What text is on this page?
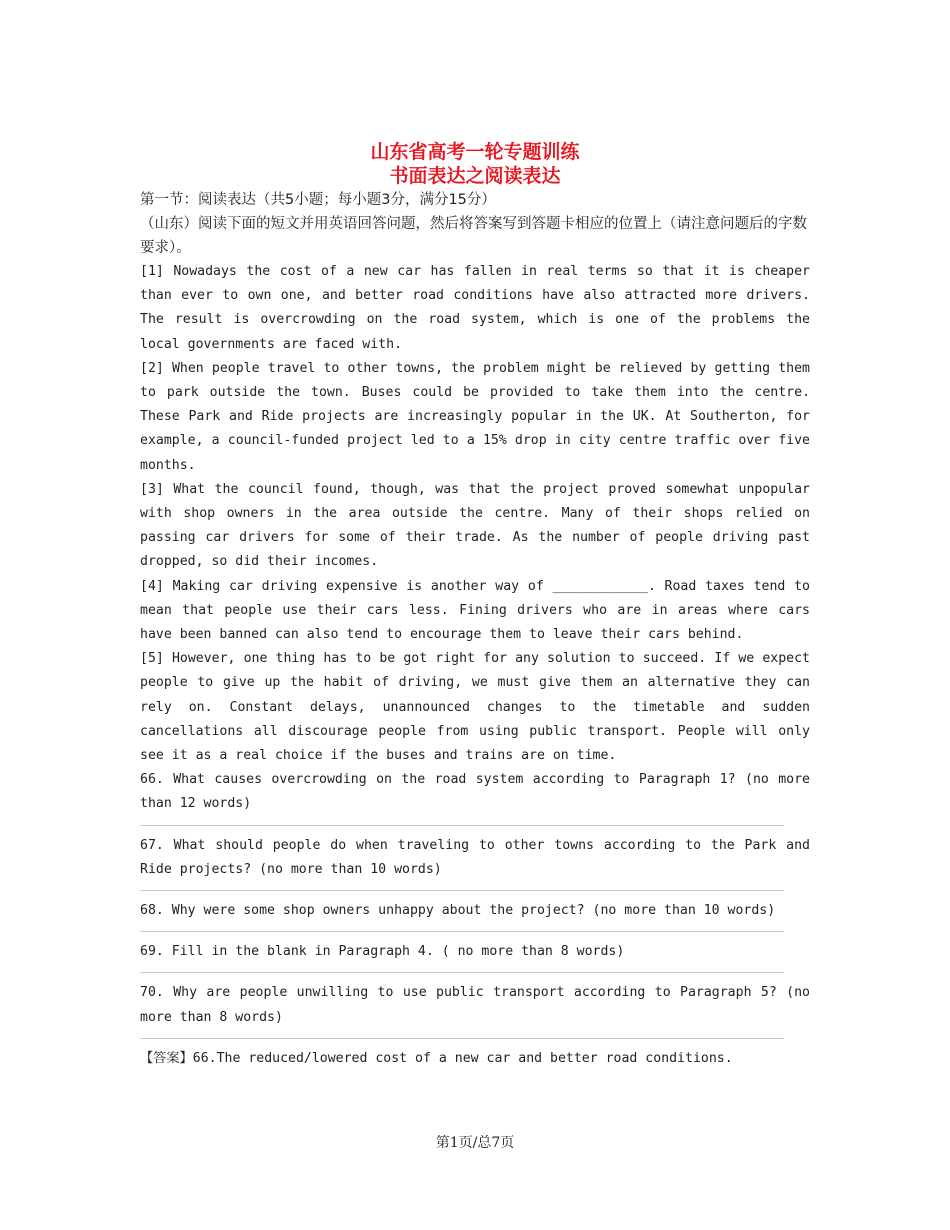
山东省高考一轮专题训练
书面表达之阅读表达
第一节：阅读表达（共5小题；每小题3分，满分15分）
（山东）阅读下面的短文并用英语回答问题，然后将答案写到答题卡相应的位置上（请注意问题后的字数要求）。
[1] Nowadays the cost of a new car has fallen in real terms so that it is cheaper than ever to own one, and better road conditions have also attracted more drivers. The result is overcrowding on the road system, which is one of the problems the local governments are faced with.
[2] When people travel to other towns, the problem might be relieved by getting them to park outside the town. Buses could be provided to take them into the centre. These Park and Ride projects are increasingly popular in the UK. At Southerton, for example, a council-funded project led to a 15% drop in city centre traffic over five months.
[3] What the council found, though, was that the project proved somewhat unpopular with shop owners in the area outside the centre. Many of their shops relied on passing car drivers for some of their trade. As the number of people driving past dropped, so did their incomes.
[4] Making car driving expensive is another way of ____________. Road taxes tend to mean that people use their cars less. Fining drivers who are in areas where cars have been banned can also tend to encourage them to leave their cars behind.
[5] However, one thing has to be got right for any solution to succeed. If we expect people to give up the habit of driving, we must give them an alternative they can rely on. Constant delays, unannounced changes to the timetable and sudden cancellations all discourage people from using public transport. People will only see it as a real choice if the buses and trains are on time.
66. What causes overcrowding on the road system according to Paragraph 1? (no more than 12 words)
67. What should people do when traveling to other towns according to the Park and Ride projects? (no more than 10 words)
68. Why were some shop owners unhappy about the project? (no more than 10 words)
69. Fill in the blank in Paragraph 4. ( no more than 8 words)
70. Why are people unwilling to use public transport according to Paragraph 5? (no more than 8 words)
【答案】66.The reduced/lowered cost of a new car and better road conditions.
第1页/总7页
